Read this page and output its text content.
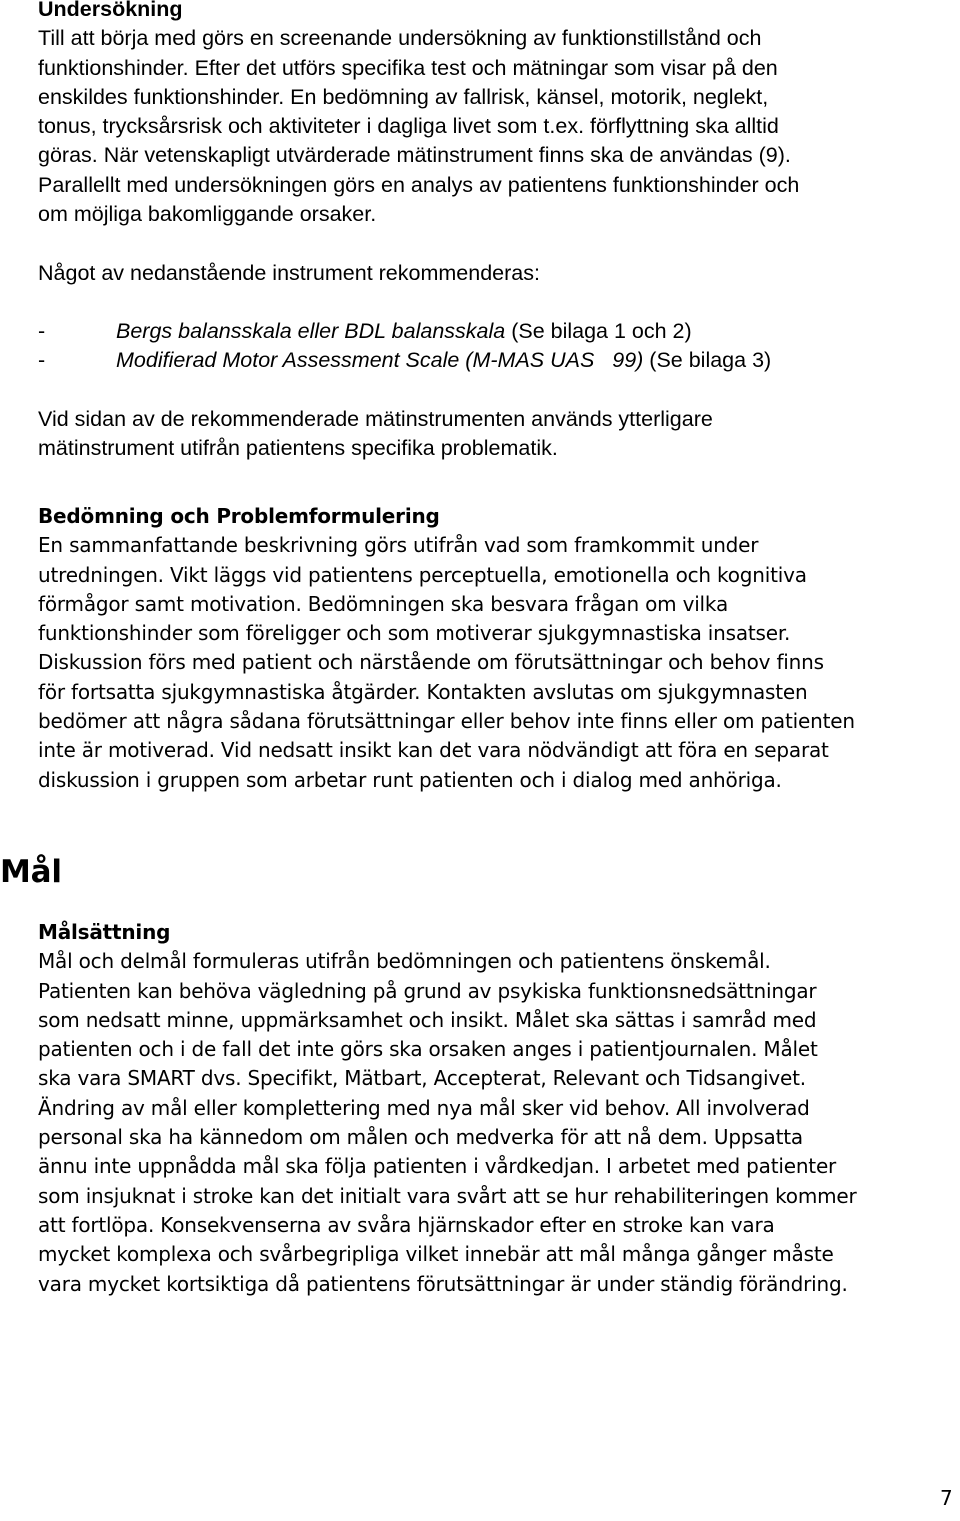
Undersökning

Till att börja med görs en screenande undersökning av funktionstillstånd och
funktionshinder. Efter det utförs specifika test och mätningar som visar på den
enskildes funktionshinder. En bedömning av fallrisk, känsel, motorik, neglekt,
tonus, trycksårsrisk och aktiviteter i dagliga livet som t.ex. förflyttning ska alltid
göras. När vetenskapligt utvärderade mätinstrument finns ska de användas (9).
Parallellt med undersökningen görs en analys av patientens funktionshinder och
om möjliga bakomliggande orsaker.

Något av nedanstående instrument rekommenderas:

-	Bergs balansskala eller BDL balansskala (Se bilaga 1 och 2)
-	Modifierad Motor Assessment Scale (M-MAS UAS   99) (Se bilaga 3)

Vid sidan av de rekommenderade mätinstrumenten används ytterligare
mätinstrument utifrån patientens specifika problematik.

Bedömning och Problemformulering

En sammanfattande beskrivning görs utifrån vad som framkommit under
utredningen. Vikt läggs vid patientens perceptuella, emotionella och kognitiva
förmågor samt motivation. Bedömningen ska besvara frågan om vilka
funktionshinder som föreligger och som motiverar sjukgymnastiska insatser.
Diskussion förs med patient och närstående om förutsättningar och behov finns
för fortsatta sjukgymnastiska åtgärder. Kontakten avslutas om sjukgymnasten
bedömer att några sådana förutsättningar eller behov inte finns eller om patienten
inte är motiverad. Vid nedsatt insikt kan det vara nödvändigt att föra en separat
diskussion i gruppen som arbetar runt patienten och i dialog med anhöriga.

Mål
Målsättning

Mål och delmål formuleras utifrån bedömningen och patientens önskemål.
Patienten kan behöva vägledning på grund av psykiska funktionsnedsättningar
som nedsatt minne, uppmärksamhet och insikt. Målet ska sättas i samråd med
patienten och i de fall det inte görs ska orsaken anges i patientjournalen. Målet
ska vara SMART dvs. Specifikt, Mätbart, Accepterat, Relevant och Tidsangivet.
Ändring av mål eller komplettering med nya mål sker vid behov. All involverad
personal ska ha kännedom om målen och medverka för att nå dem. Uppsatta
ännu inte uppnådda mål ska följa patienten i vårdkedjan. I arbetet med patienter
som insjuknat i stroke kan det initialt vara svårt att se hur rehabiliteringen kommer
att fortlöpa. Konsekvenserna av svåra hjärnskador efter en stroke kan vara
mycket komplexa och svårbegripliga vilket innebär att mål många gånger måste
vara mycket kortsiktiga då patientens förutsättningar är under ständig förändring.

7
